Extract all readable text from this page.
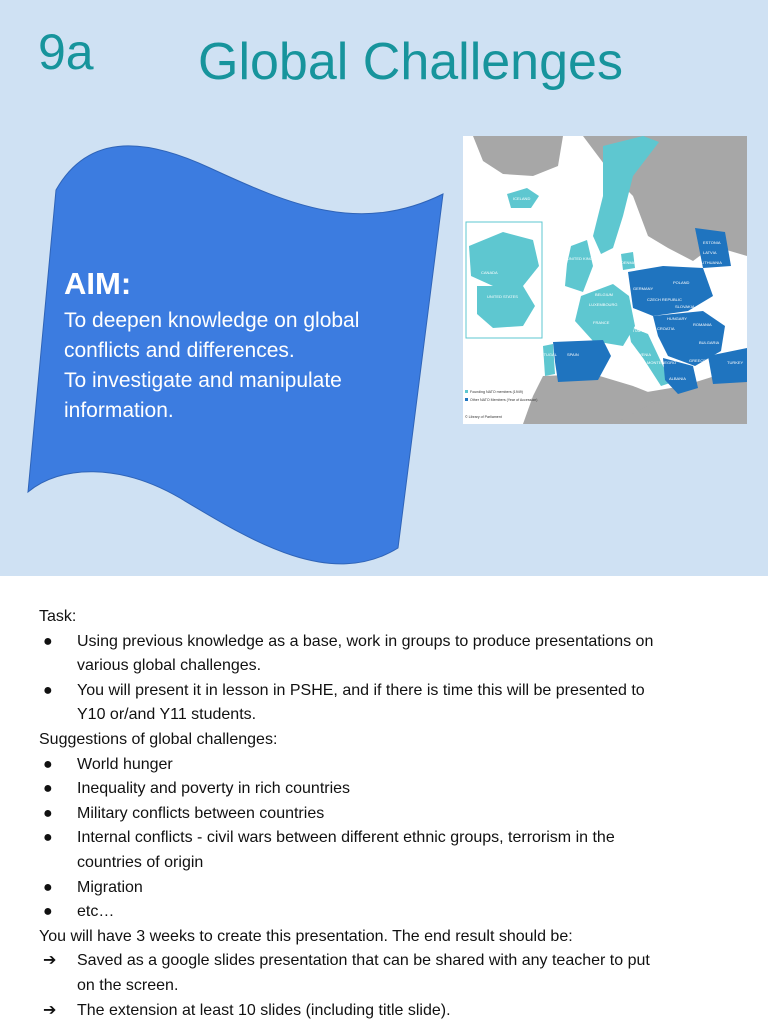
9a Global Challenges
AIM:
To deepen knowledge on global
conflicts and differences.
To investigate and manipulate
information.
ICELAND
NORWAY
DENMARK
ESTONIA
LATVIA
LITHUANIA
CANADA
UNITED STATES
UNITED KINGDOM
NETHERLANDS	POLAND
GERMANY
BELGIUM
CZECH REPUBLIC
LUXEMBOURG	SLOVAKIA
FRANCE
HUNGARY
ROMANIA
CROATIA
ITALY
BULGARIA
PORTUGAL	SPAIN	SLOVENIA
MONTENEGRO	GREECE	TURKEY
ALBANIA
Founding NATO members (1949)
Other NATO Members (Year of Accession)
© Library of Parliament
Task:
●	Using previous knowledge as a base, work in groups to produce presentations on
various global challenges.
●	You will present it in lesson in PSHE, and if there is time this will be presented to
Y10 or/and Y11 students.
Suggestions of global challenges:
●	World hunger
●	Inequality and poverty in rich countries
●	Military conflicts between countries
●	Internal conflicts - civil wars between different ethnic groups, terrorism in the
countries of origin
●	Migration
●	etc…
You will have 3 weeks to create this presentation. The end result should be:
➔	Saved as a google slides presentation that can be shared with any teacher to put
on the screen.
➔	The extension at least 10 slides (including title slide).
